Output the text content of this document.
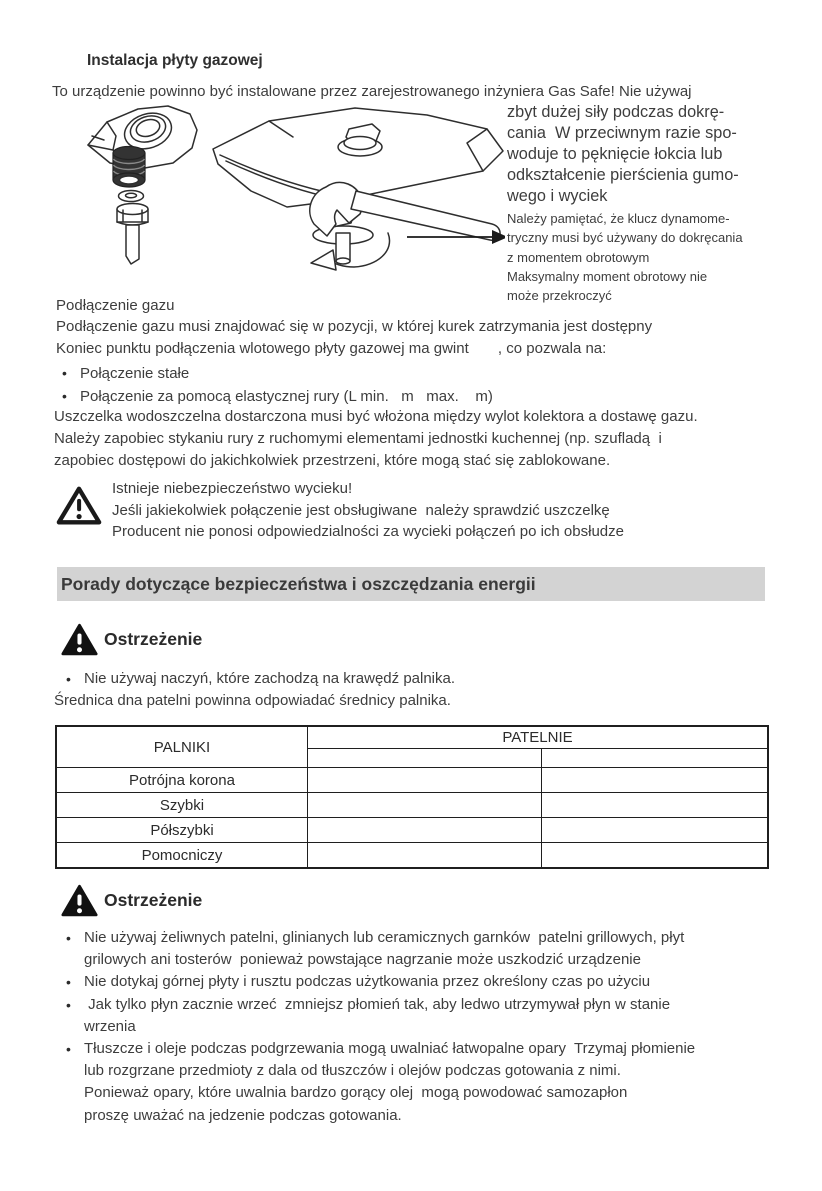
Instalacja płyty gazowej
To urządzenie powinno być instalowane przez zarejestrowanego inżyniera Gas Safe! Nie używaj
zbyt dużej siły podczas dokrę-
cania  W przeciwnym razie spo-
woduje to pęknięcie łokcia lub
odkształcenie pierścienia gumo-
wego i wyciek
Należy pamiętać, że klucz dynamome-
tryczny musi być używany do dokręcania
z momentem obrotowym
Maksymalny moment obrotowy nie
może przekroczyć
Podłączenie gazu
Podłączenie gazu musi znajdować się w pozycji, w której kurek zatrzymania jest dostępny
Koniec punktu podłączenia wlotowego płyty gazowej ma gwint       , co pozwala na:
• Połączenie stałe
• Połączenie za pomocą elastycznej rury (L min.   m   max.    m)
Uszczelka wodoszczelna dostarczona musi być włożona między wylot kolektora a dostawę gazu.
Należy zapobiec stykaniu rury z ruchomymi elementami jednostki kuchennej (np. szufladą  i
zapobiec dostępowi do jakichkolwiek przestrzeni, które mogą stać się zablokowane.
Istnieje niebezpieczeństwo wycieku!
Jeśli jakiekolwiek połączenie jest obsługiwane  należy sprawdzić uszczelkę
Producent nie ponosi odpowiedzialności za wycieki połączeń po ich obsłudze
Porady dotyczące bezpieczeństwa i oszczędzania energii
Ostrzeżenie
• Nie używaj naczyń, które zachodzą na krawędź palnika.
Średnica dna patelni powinna odpowiadać średnicy palnika.
PALNIKI	PATELNIE	

Potrójna korona		
Szybki		
Półszybki		
Pomocniczy		
Ostrzeżenie
• Nie używaj żeliwnych patelni, glinianych lub ceramicznych garnków  patelni grillowych, płyt
grilowych ani tosterów  ponieważ powstające nagrzanie może uszkodzić urządzenie
• Nie dotykaj górnej płyty i rusztu podczas użytkowania przez określony czas po użyciu
• Jak tylko płyn zacznie wrzeć  zmniejsz płomień tak, aby ledwo utrzymywał płyn w stanie
wrzenia
• Tłuszcze i oleje podczas podgrzewania mogą uwalniać łatwopalne opary  Trzymaj płomienie
lub rozgrzane przedmioty z dala od tłuszczów i olejów podczas gotowania z nimi.
Ponieważ opary, które uwalnia bardzo gorący olej  mogą powodować samozapłon
proszę uważać na jedzenie podczas gotowania.
